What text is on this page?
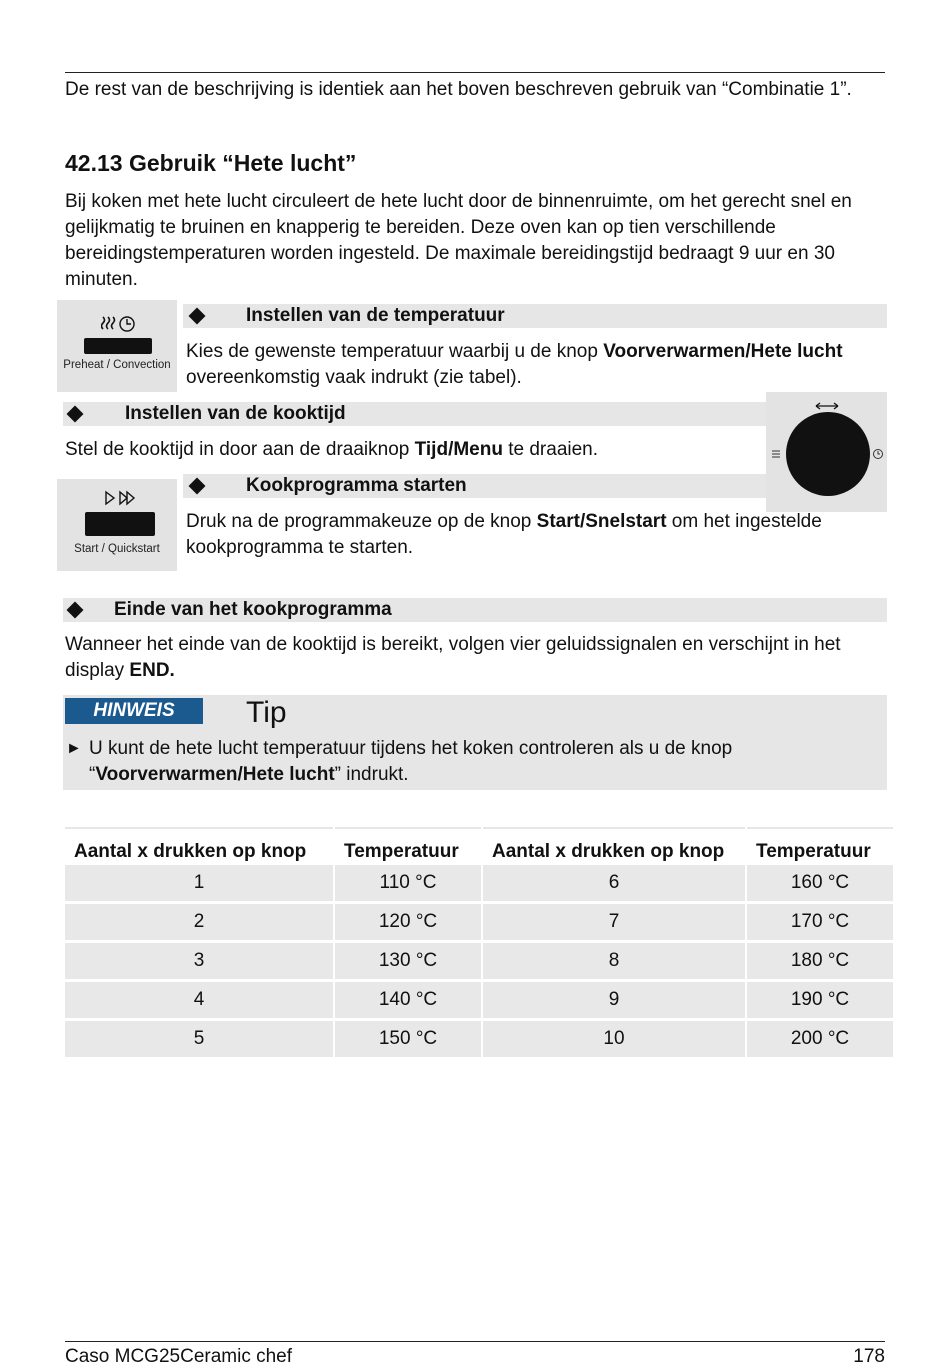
De rest van de beschrijving is identiek aan het boven beschreven gebruik van “Combinatie 1”.

42.13 Gebruik “Hete lucht”

Bij koken met hete lucht circuleert de hete lucht door de binnenruimte, om het gerecht snel en gelijkmatig te bruinen en knapperig te bereiden. Deze oven kan op tien verschillende bereidingstemperaturen worden ingesteld. De maximale bereidingstijd bedraagt 9 uur en 30 minuten.

Preheat / Convection
Instellen van de temperatuur

Kies de gewenste temperatuur waarbij u de knop Voorverwarmen/Hete lucht overeenkomstig vaak indrukt (zie tabel).

Instellen van de kooktijd

Stel de kooktijd in door aan de draaiknop Tijd/Menu te draaien.

Start / Quickstart
Kookprogramma starten

Druk na de programmakeuze op de knop Start/Snelstart om het ingestelde kookprogramma te starten.

Einde van het kookprogramma

Wanneer het einde van de kooktijd is bereikt, volgen vier geluidssignalen en verschijnt in het display END.

HINWEIS	Tip
► U kunt de hete lucht temperatuur tijdens het koken controleren als u de knop “Voorverwarmen/Hete lucht” indrukt.

Aantal x drukken op knop	Temperatuur	Aantal x drukken op knop	Temperatuur
1	110 °C	6	160 °C
2	120 °C	7	170 °C
3	130 °C	8	180 °C
4	140 °C	9	190 °C
5	150 °C	10	200 °C
Caso MCG25Ceramic chef	178
